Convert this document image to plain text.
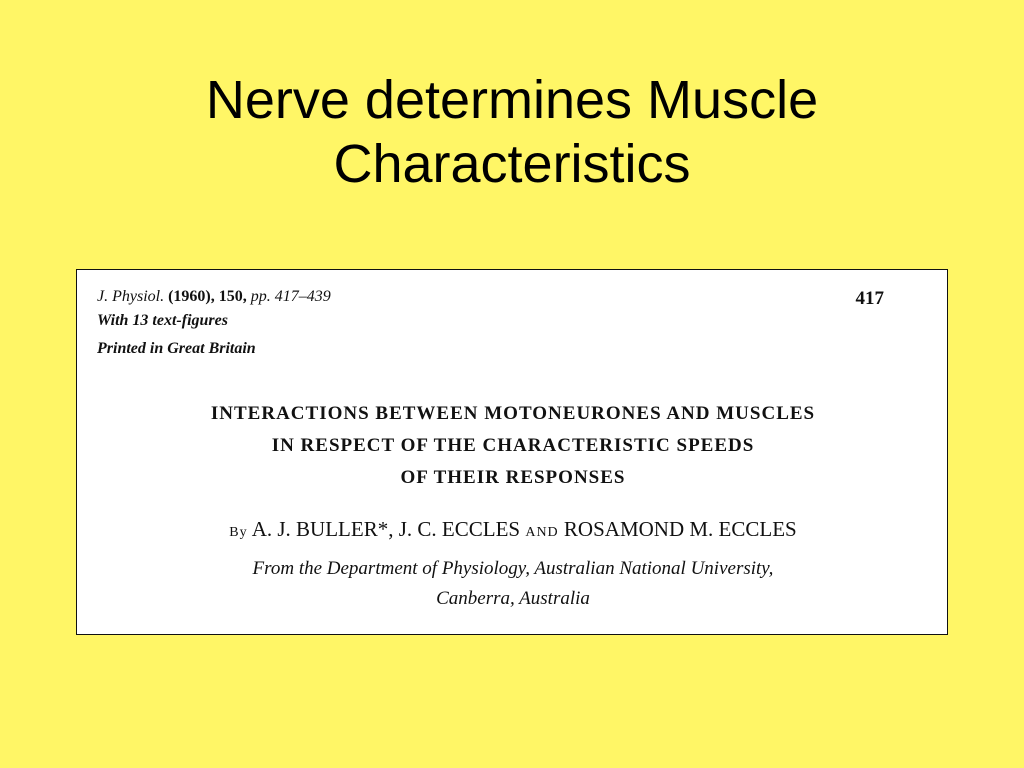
Nerve determines Muscle
Characteristics
J. Physiol. (1960), 150, pp. 417–439
With 13 text-figures
Printed in Great Britain
417
INTERACTIONS BETWEEN MOTONEURONES AND MUSCLES
IN RESPECT OF THE CHARACTERISTIC SPEEDS
OF THEIR RESPONSES
By A. J. BULLER*, J. C. ECCLES AND ROSAMOND M. ECCLES
From the Department of Physiology, Australian National University,
Canberra, Australia
